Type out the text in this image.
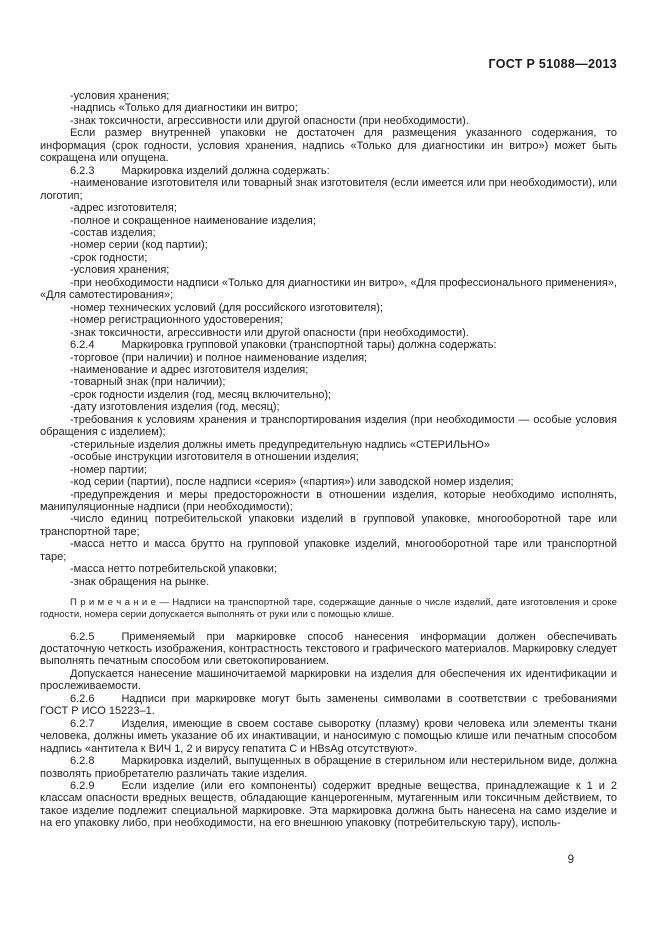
ГОСТ Р 51088—2013

-условия хранения;

-надпись «Только для диагностики ин витро;

-знак токсичности, агрессивности или другой опасности (при необходимости).

Если размер внутренней упаковки не достаточен для размещения указанного содержания, то информация (срок годности, условия хранения, надпись «Только для диагностики ин витро») может быть сокращена или опущена.

6.2.3 Маркировка изделий должна содержать:

-наименование изготовителя или товарный знак изготовителя (если имеется или при необходимости), или логотип;

-адрес изготовителя;

-полное и сокращенное наименование изделия;

-состав изделия;

-номер серии (код партии);

-срок годности;

-условия хранения;

-при необходимости надписи «Только для диагностики ин витро», «Для профессионального применения», «Для самотестирования»;

-номер технических условий (для российского изготовителя);

-номер регистрационного удостоверения;

-знак токсичности, агрессивности или другой опасности (при необходимости).

6.2.4 Маркировка групповой упаковки (транспортной тары) должна содержать:

-торговое (при наличии) и полное наименование изделия;

-наименование и адрес изготовителя изделия;

-товарный знак (при наличии);

-срок годности изделия (год, месяц включительно);

-дату изготовления изделия (год, месяц);

-требования к условиям хранения и транспортирования изделия (при необходимости — особые условия обращения с изделием);

-стерильные изделия должны иметь предупредительную надпись «СТЕРИЛЬНО»

-особые инструкции изготовителя в отношении изделия;

-номер партии;

-код серии (партии), после надписи «серия» («партия») или заводской номер изделия;

-предупреждения и меры предосторожности в отношении изделия, которые необходимо исполнять, манипуляционные надписи (при необходимости);

-число единиц потребительской упаковки изделий в групповой упаковке, многооборотной таре или транспортной таре;

-масса нетто и масса брутто на групповой упаковке изделий, многооборотной таре или транспортной таре;

-масса нетто потребительской упаковки;

-знак обращения на рынке.

П р и м е ч а н и е — Надписи на транспортной таре, содержащие данные о числе изделий, дате изготовления и сроке годности, номера серии допускается выполнять от руки или с помощью клише.

6.2.5 Применяемый при маркировке способ нанесения информации должен обеспечивать достаточную четкость изображения, контрастность текстового и графического материалов. Маркировку следует выполнять печатным способом или светокопированием.

Допускается нанесение машиночитаемой маркировки на изделия для обеспечения их идентификации и прослеживаемости.

6.2.6 Надписи при маркировке могут быть заменены символами в соответствии с требованиями ГОСТ Р ИСО 15223–1.

6.2.7 Изделия, имеющие в своем составе сыворотку (плазму) крови человека или элементы ткани человека, должны иметь указание об их инактивации, и наносимую с помощью клише или печатным способом надпись «антитела к ВИЧ 1, 2 и вирусу гепатита C и HBsAg отсутствуют».

6.2.8 Маркировка изделий, выпущенных в обращение в стерильном или нестерильном виде, должна позволять приобретателю различать такие изделия.

6.2.9 Если изделие (или его компоненты) содержит вредные вещества, принадлежащие к 1 и 2 классам опасности вредных веществ, обладающие канцерогенным, мутагенным или токсичным действием, то такое изделие подлежит специальной маркировке. Эта маркировка должна быть нанесена на само изделие и на его упаковку либо, при необходимости, на его внешнюю упаковку (потребительскую тару), исполь-

9
